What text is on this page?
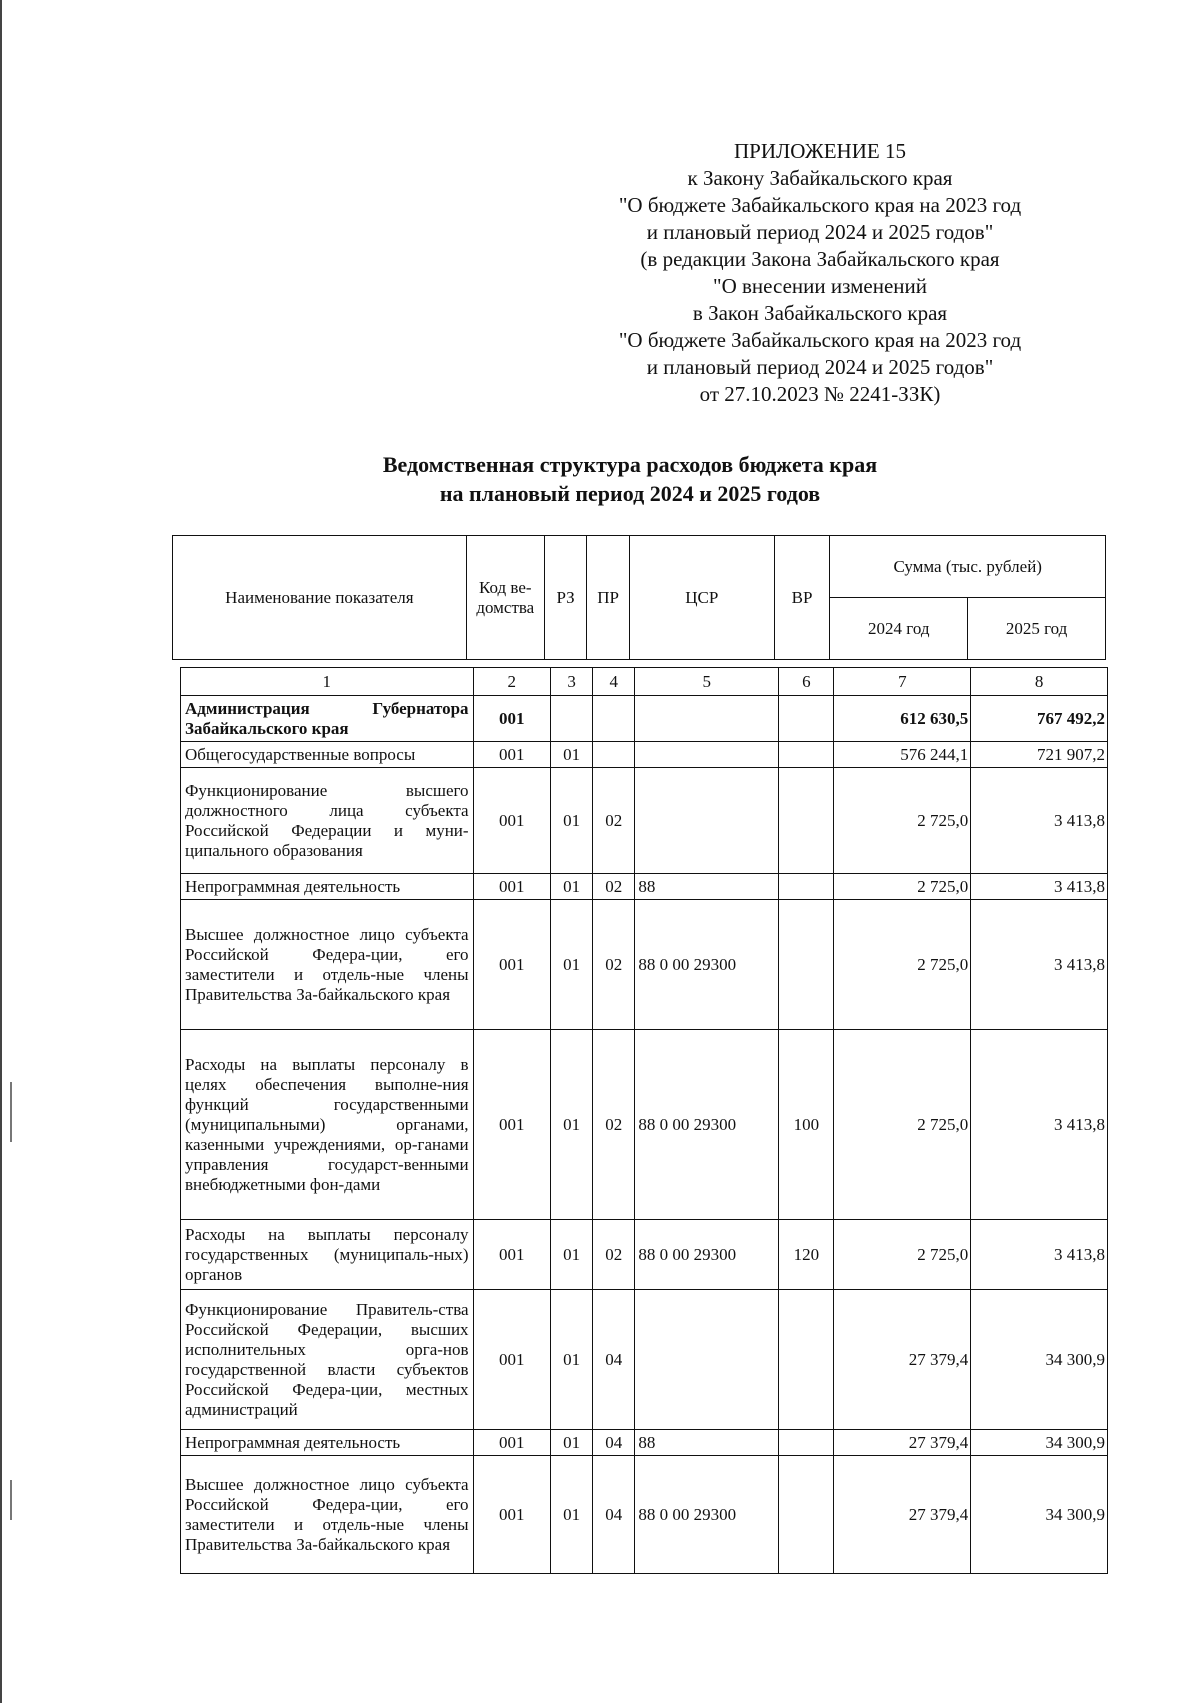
ПРИЛОЖЕНИЕ 15
к Закону Забайкальского края
"О бюджете Забайкальского края на 2023 год
и плановый период 2024 и 2025 годов"
(в редакции Закона Забайкальского края
"О внесении изменений
в Закон Забайкальского края
"О бюджете Забайкальского края на 2023 год
и плановый период 2024 и 2025 годов"
от 27.10.2023 № 2241-ЗЗК)
Ведомственная структура расходов бюджета края
на плановый период 2024 и 2025 годов
Наименование показателя	Код ве-домства	РЗ	ПР	ЦСР	ВР	Сумма (тыс. рублей)	
						2024 год	2025 год
1	2	3	4	5	6	7	8
Администрация Губернатора Забайкальского края	001					612 630,5	767 492,2
Общегосударственные вопросы	001	01				576 244,1	721 907,2
Функционирование высшего должностного лица субъекта Российской Федерации и муни-ципального образования	001	01	02			2 725,0	3 413,8
Непрограммная деятельность	001	01	02	88		2 725,0	3 413,8
Высшее должностное лицо субъекта Российской Федера-ции, его заместители и отдель-ные члены Правительства За-байкальского края	001	01	02	88 0 00 29300		2 725,0	3 413,8
Расходы на выплаты персоналу в целях обеспечения выполне-ния функций государственными (муниципальными) органами, казенными учреждениями, ор-ганами управления государст-венными внебюджетными фон-дами	001	01	02	88 0 00 29300	100	2 725,0	3 413,8
Расходы на выплаты персоналу государственных (муниципаль-ных) органов	001	01	02	88 0 00 29300	120	2 725,0	3 413,8
Функционирование Правитель-ства Российской Федерации, высших исполнительных орга-нов государственной власти субъектов Российской Федера-ции, местных администраций	001	01	04			27 379,4	34 300,9
Непрограммная деятельность	001	01	04	88		27 379,4	34 300,9
Высшее должностное лицо субъекта Российской Федера-ции, его заместители и отдель-ные члены Правительства За-байкальского края	001	01	04	88 0 00 29300		27 379,4	34 300,9
